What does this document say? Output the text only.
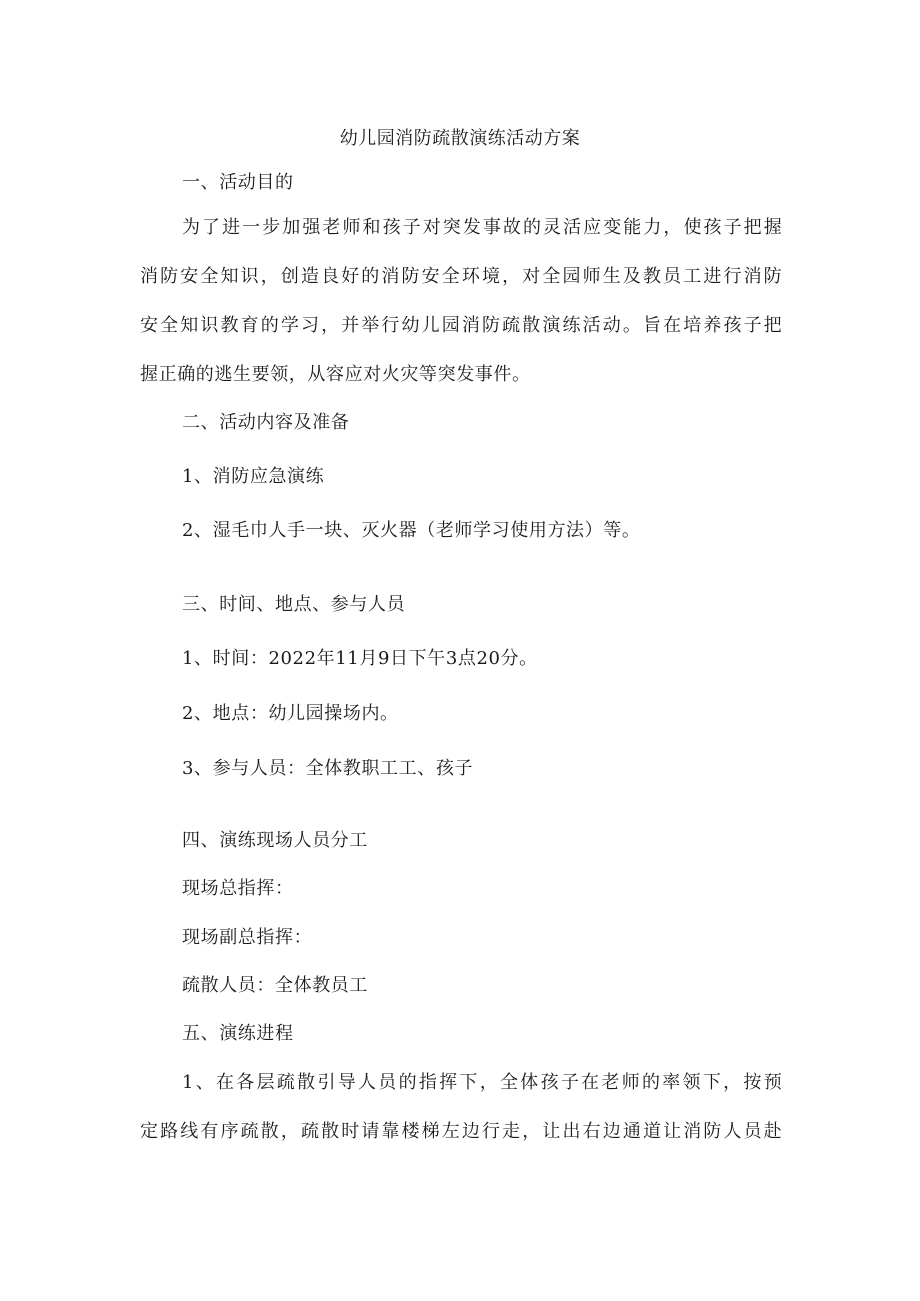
幼儿园消防疏散演练活动方案
一、活动目的
为了进一步加强老师和孩子对突发事故的灵活应变能力，使孩子把握
消防安全知识，创造良好的消防安全环境，对全园师生及教员工进行消防
安全知识教育的学习，并举行幼儿园消防疏散演练活动。旨在培养孩子把
握正确的逃生要领，从容应对火灾等突发事件。
二、活动内容及准备
1、消防应急演练
2、湿毛巾人手一块、灭火器（老师学习使用方法）等。
三、时间、地点、参与人员
1、时间：2022年11月9日下午3点20分。
2、地点：幼儿园操场内。
3、参与人员：全体教职工工、孩子
四、演练现场人员分工
现场总指挥：
现场副总指挥：
疏散人员：全体教员工
五、演练进程
1、在各层疏散引导人员的指挥下，全体孩子在老师的率领下，按预
定路线有序疏散，疏散时请靠楼梯左边行走，让出右边通道让消防人员赴
